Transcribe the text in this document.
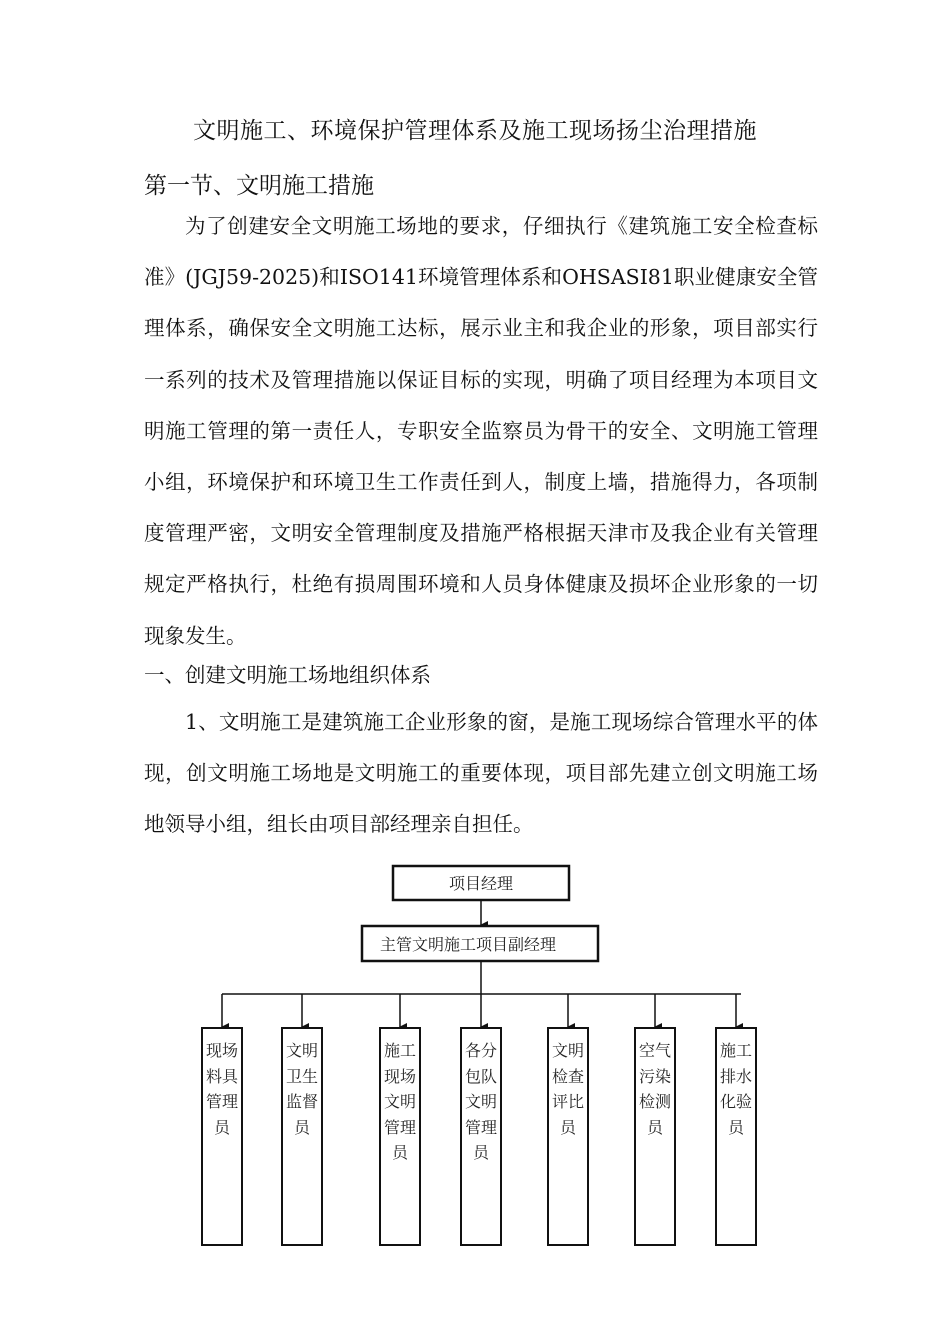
文明施工、环境保护管理体系及施工现场扬尘治理措施
第一节、文明施工措施

为了创建安全文明施工场地的要求，仔细执行《建筑施工安全检查标准》(JGJ59-2025)和ISO141环境管理体系和OHSASI81职业健康安全管理体系，确保安全文明施工达标，展示业主和我企业的形象，项目部实行一系列的技术及管理措施以保证目标的实现，明确了项目经理为本项目文明施工管理的第一责任人，专职安全监察员为骨干的安全、文明施工管理小组，环境保护和环境卫生工作责任到人，制度上墙，措施得力，各项制度管理严密，文明安全管理制度及措施严格根据天津市及我企业有关管理规定严格执行，杜绝有损周围环境和人员身体健康及损坏企业形象的一切现象发生。

一、创建文明施工场地组织体系

1、文明施工是建筑施工企业形象的窗，是施工现场综合管理水平的体现，创文明施工场地是文明施工的重要体现，项目部先建立创文明施工场地领导小组，组长由项目部经理亲自担任。

项目经理
主管文明施工项目副经理
现场料具管理员
文明卫生监督员
施工现场文明管理员
各分包队文明管理员
文明检查评比员
空气污染检测员
施工排水化验员
